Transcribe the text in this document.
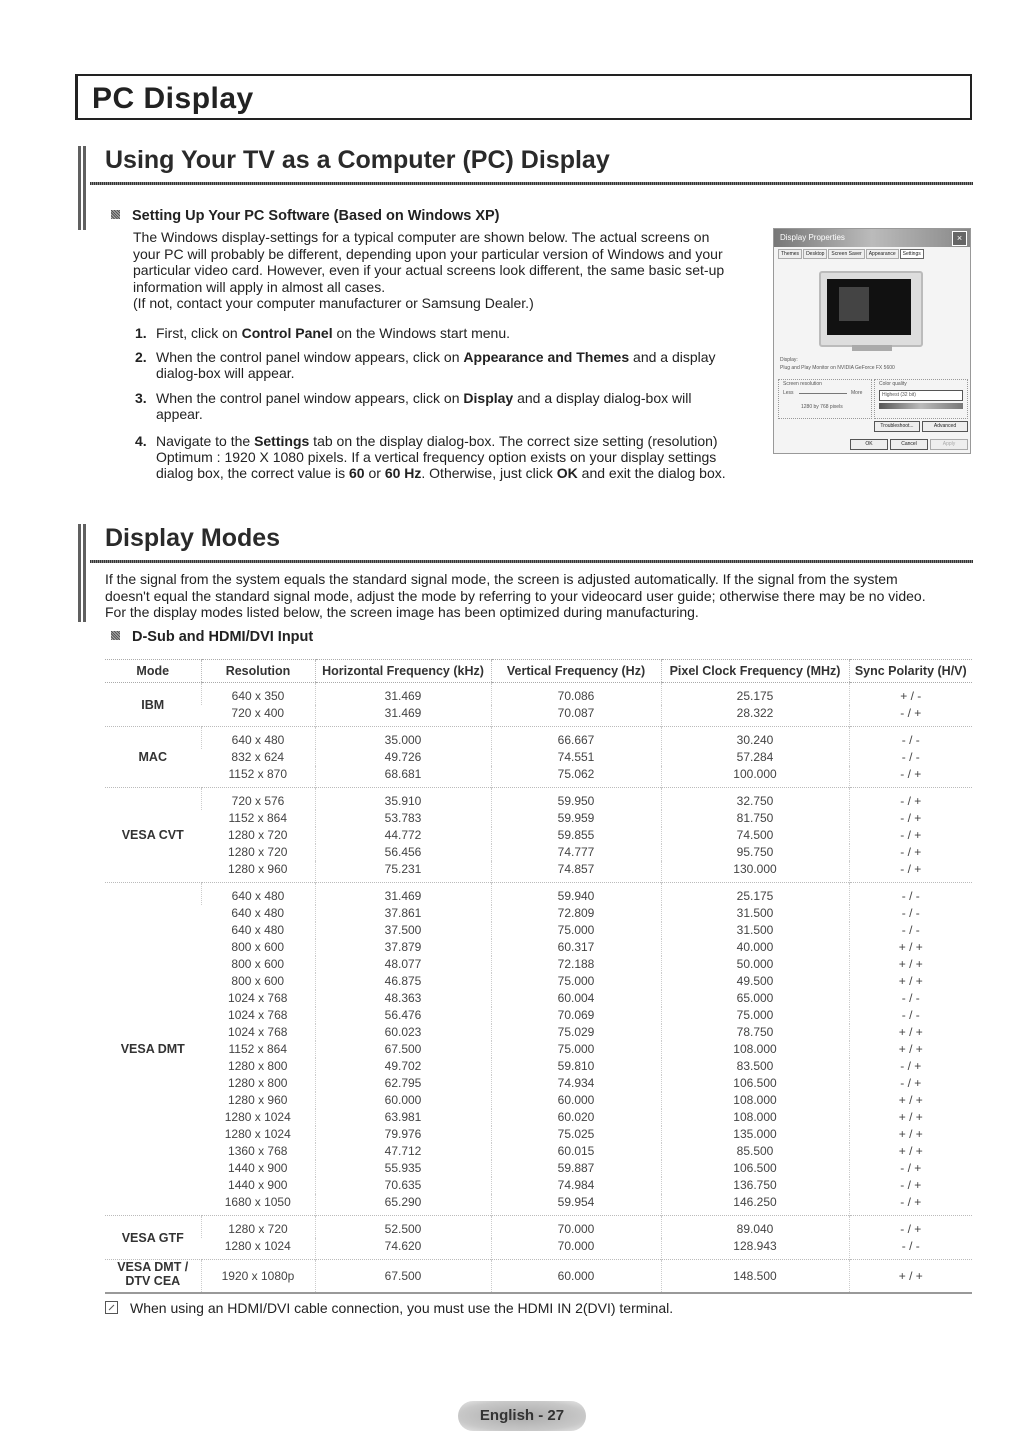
PC Display
Using Your TV as a Computer (PC) Display
Setting Up Your PC Software (Based on Windows XP)
The Windows display-settings for a typical computer are shown below. The actual screens on
your PC will probably be different, depending upon your particular version of Windows and your
particular video card. However, even if your actual screens look different, the same basic set-up
information will apply in almost all cases.
(If not, contact your computer manufacturer or Samsung Dealer.)
1. First, click on Control Panel on the Windows start menu.
2. When the control panel window appears, click on Appearance and Themes and a display
dialog-box will appear.
3. When the control panel window appears, click on Display and a display dialog-box will
appear.
4. Navigate to the Settings tab on the display dialog-box. The correct size setting (resolution)
Optimum : 1920 X 1080 pixels. If a vertical frequency option exists on your display settings
dialog box, the correct value is 60 or 60 Hz. Otherwise, just click OK and exit the dialog box.
Display Properties	×
Themes Desktop Screen Saver Appearance Settings
Display:
Plug and Play Monitor on NVIDIA GeForce FX 5600
Screen resolution
Less	More
1280 by 768 pixels
Color quality
Highest (32 bit)
Troubleshoot...	Advanced
OK	Cancel	Apply
Display Modes
If the signal from the system equals the standard signal mode, the screen is adjusted automatically. If the signal from the system
doesn't equal the standard signal mode, adjust the mode by referring to your videocard user guide; otherwise there may be no video.
For the display modes listed below, the screen image has been optimized during manufacturing.
D-Sub and HDMI/DVI Input
Mode	Resolution	Horizontal Frequency (kHz)	Vertical Frequency (Hz)	Pixel Clock Frequency (MHz)	Sync Polarity (H/V)
IBM	640 x 350	31.469	70.086	25.175	+ / -
	720 x 400	31.469	70.087	28.322	- / +
MAC	640 x 480	35.000	66.667	30.240	- / -
	832 x 624	49.726	74.551	57.284	- / -
	1152 x 870	68.681	75.062	100.000	- / +
VESA CVT	720 x 576	35.910	59.950	32.750	- / +
	1152 x 864	53.783	59.959	81.750	- / +
	1280 x 720	44.772	59.855	74.500	- / +
	1280 x 720	56.456	74.777	95.750	- / +
	1280 x 960	75.231	74.857	130.000	- / +
VESA DMT	640 x 480	31.469	59.940	25.175	- / -
	640 x 480	37.861	72.809	31.500	- / -
	640 x 480	37.500	75.000	31.500	- / -
	800 x 600	37.879	60.317	40.000	+ / +
	800 x 600	48.077	72.188	50.000	+ / +
	800 x 600	46.875	75.000	49.500	+ / +
	1024 x 768	48.363	60.004	65.000	- / -
	1024 x 768	56.476	70.069	75.000	- / -
	1024 x 768	60.023	75.029	78.750	+ / +
	1152 x 864	67.500	75.000	108.000	+ / +
	1280 x 800	49.702	59.810	83.500	- / +
	1280 x 800	62.795	74.934	106.500	- / +
	1280 x 960	60.000	60.000	108.000	+ / +
	1280 x 1024	63.981	60.020	108.000	+ / +
	1280 x 1024	79.976	75.025	135.000	+ / +
	1360 x 768	47.712	60.015	85.500	+ / +
	1440 x 900	55.935	59.887	106.500	- / +
	1440 x 900	70.635	74.984	136.750	- / +
	1680 x 1050	65.290	59.954	146.250	- / +
VESA GTF	1280 x 720	52.500	70.000	89.040	- / +
	1280 x 1024	74.620	70.000	128.943	- / -
VESA DMT / DTV CEA	1920 x 1080p	67.500	60.000	148.500	+ / +
When using an HDMI/DVI cable connection, you must use the HDMI IN 2(DVI) terminal.
English - 27
